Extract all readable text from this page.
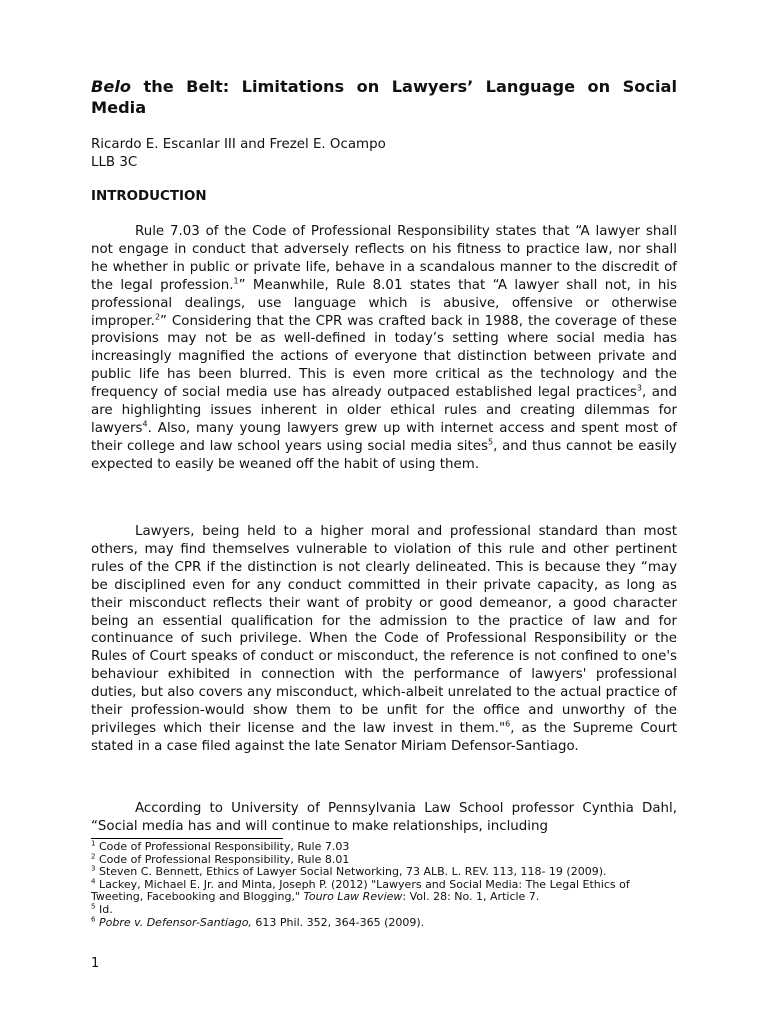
Belo the Belt: Limitations on Lawyers’ Language on Social Media
Ricardo E. Escanlar III and Frezel E. Ocampo
LLB 3C
INTRODUCTION

Rule 7.03 of the Code of Professional Responsibility states that “A lawyer shall not engage in conduct that adversely reflects on his fitness to practice law, nor shall he whether in public or private life, behave in a scandalous manner to the discredit of the legal profession.$^1$” Meanwhile, Rule 8.01 states that “A lawyer shall not, in his professional dealings, use language which is abusive, offensive or otherwise improper.$^2$” Considering that the CPR was crafted back in 1988, the coverage of these provisions may not be as well-defined in today’s setting where social media has increasingly magnified the actions of everyone that distinction between private and public life has been blurred. This is even more critical as the technology and the frequency of social media use has already outpaced established legal practices$^3$, and are highlighting issues inherent in older ethical rules and creating dilemmas for lawyers$^4$. Also, many young lawyers grew up with internet access and spent most of their college and law school years using social media sites$^5$, and thus cannot be easily expected to easily be weaned off the habit of using them.

Lawyers, being held to a higher moral and professional standard than most others, may find themselves vulnerable to violation of this rule and other pertinent rules of the CPR if the distinction is not clearly delineated. This is because they “may be disciplined even for any conduct committed in their private capacity, as long as their misconduct reflects their want of probity or good demeanor, a good character being an essential qualification for the admission to the practice of law and for continuance of such privilege. When the Code of Professional Responsibility or the Rules of Court speaks of conduct or misconduct, the reference is not confined to one's behaviour exhibited in connection with the performance of lawyers' professional duties, but also covers any misconduct, which-albeit unrelated to the actual practice of their profession-would show them to be unfit for the office and unworthy of the privileges which their license and the law invest in them."$^6$, as the Supreme Court stated in a case filed against the late Senator Miriam Defensor-Santiago.

According to University of Pennsylvania Law School professor Cynthia Dahl, “Social media has and will continue to make relationships, including

$^1$ Code of Professional Responsibility, Rule 7.03

$^2$ Code of Professional Responsibility, Rule 8.01

$^3$ Steven C. Bennett, Ethics of Lawyer Social Networking, 73 ALB. L. REV. 113, 118- 19 (2009).

$^4$ Lackey, Michael E. Jr. and Minta, Joseph P. (2012) "Lawyers and Social Media: The Legal Ethics of Tweeting, Facebooking and Blogging," Touro Law Review: Vol. 28: No. 1, Article 7.

$^5$ Id.

$^6$ Pobre v. Defensor-Santiago, 613 Phil. 352, 364-365 (2009).

1
